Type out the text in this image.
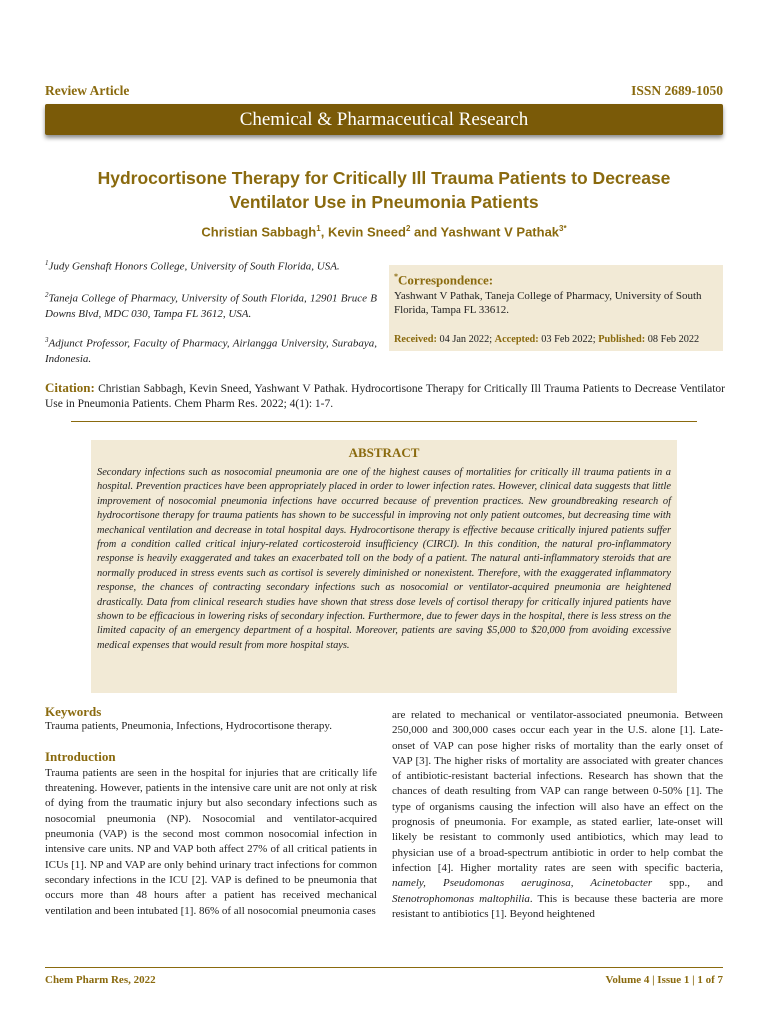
Review Article	ISSN 2689-1050
Chemical & Pharmaceutical Research
Hydrocortisone Therapy for Critically Ill Trauma Patients to Decrease
Ventilator Use in Pneumonia Patients
Christian Sabbagh$^1$, Kevin Sneed$^2$ and Yashwant V Pathak$^{3*}$
$^1$Judy Genshaft Honors College, University of South Florida, USA.
$^2$Taneja College of Pharmacy, University of South Florida, 12901 Bruce B Downs Blvd, MDC 030, Tampa FL 3612, USA.
$^3$Adjunct Professor, Faculty of Pharmacy, Airlangga University, Surabaya, Indonesia.
*Correspondence:
Yashwant V Pathak, Taneja College of Pharmacy, University of South Florida, Tampa FL 33612.
Received: 04 Jan 2022; Accepted: 03 Feb 2022; Published: 08 Feb 2022
Citation: Christian Sabbagh, Kevin Sneed, Yashwant V Pathak. Hydrocortisone Therapy for Critically Ill Trauma Patients to Decrease Ventilator Use in Pneumonia Patients. Chem Pharm Res. 2022; 4(1): 1-7.
ABSTRACT
Secondary infections such as nosocomial pneumonia are one of the highest causes of mortalities for critically ill trauma patients in a hospital. Prevention practices have been appropriately placed in order to lower infection rates. However, clinical data suggests that little improvement of nosocomial pneumonia infections have occurred because of prevention practices. New groundbreaking research of hydrocortisone therapy for trauma patients has shown to be successful in improving not only patient outcomes, but decreasing time with mechanical ventilation and decrease in total hospital days. Hydrocortisone therapy is effective because critically injured patients suffer from a condition called critical injury-related corticosteroid insufficiency (CIRCI). In this condition, the natural pro-inflammatory response is heavily exaggerated and takes an exacerbated toll on the body of a patient. The natural anti-inflammatory steroids that are normally produced in stress events such as cortisol is severely diminished or nonexistent. Therefore, with the exaggerated inflammatory response, the chances of contracting secondary infections such as nosocomial or ventilator-acquired pneumonia are heightened drastically. Data from clinical research studies have shown that stress dose levels of cortisol therapy for critically injured patients have shown to be efficacious in lowering risks of secondary infection. Furthermore, due to fewer days in the hospital, there is less stress on the limited capacity of an emergency department of a hospital. Moreover, patients are saving $5,000 to $20,000 from avoiding excessive medical expenses that would result from more hospital stays.
Keywords
Trauma patients, Pneumonia, Infections, Hydrocortisone therapy.
Introduction
Trauma patients are seen in the hospital for injuries that are critically life threatening. However, patients in the intensive care unit are not only at risk of dying from the traumatic injury but also secondary infections such as nosocomial pneumonia (NP). Nosocomial and ventilator-acquired pneumonia (VAP) is the second most common nosocomial infection in intensive care units. NP and VAP both affect 27% of all critical patients in ICUs [1]. NP and VAP are only behind urinary tract infections for common secondary infections in the ICU [2]. VAP is defined to be pneumonia that occurs more than 48 hours after a patient has received mechanical ventilation and been intubated [1]. 86% of all nosocomial pneumonia cases
are related to mechanical or ventilator-associated pneumonia. Between 250,000 and 300,000 cases occur each year in the U.S. alone [1]. Late-onset of VAP can pose higher risks of mortality than the early onset of VAP [3]. The higher risks of mortality are associated with greater chances of antibiotic-resistant bacterial infections. Research has shown that the chances of death resulting from VAP can range between 0-50% [1]. The type of organisms causing the infection will also have an effect on the prognosis of pneumonia. For example, as stated earlier, late-onset will likely be resistant to commonly used antibiotics, which may lead to physician use of a broad-spectrum antibiotic in order to help combat the infection [4]. Higher mortality rates are seen with specific bacteria, namely, Pseudomonas aeruginosa, Acinetobacter spp., and Stenotrophomonas maltophilia. This is because these bacteria are more resistant to antibiotics [1]. Beyond heightened
Chem Pharm Res, 2022	Volume 4 | Issue 1 | 1 of 7
